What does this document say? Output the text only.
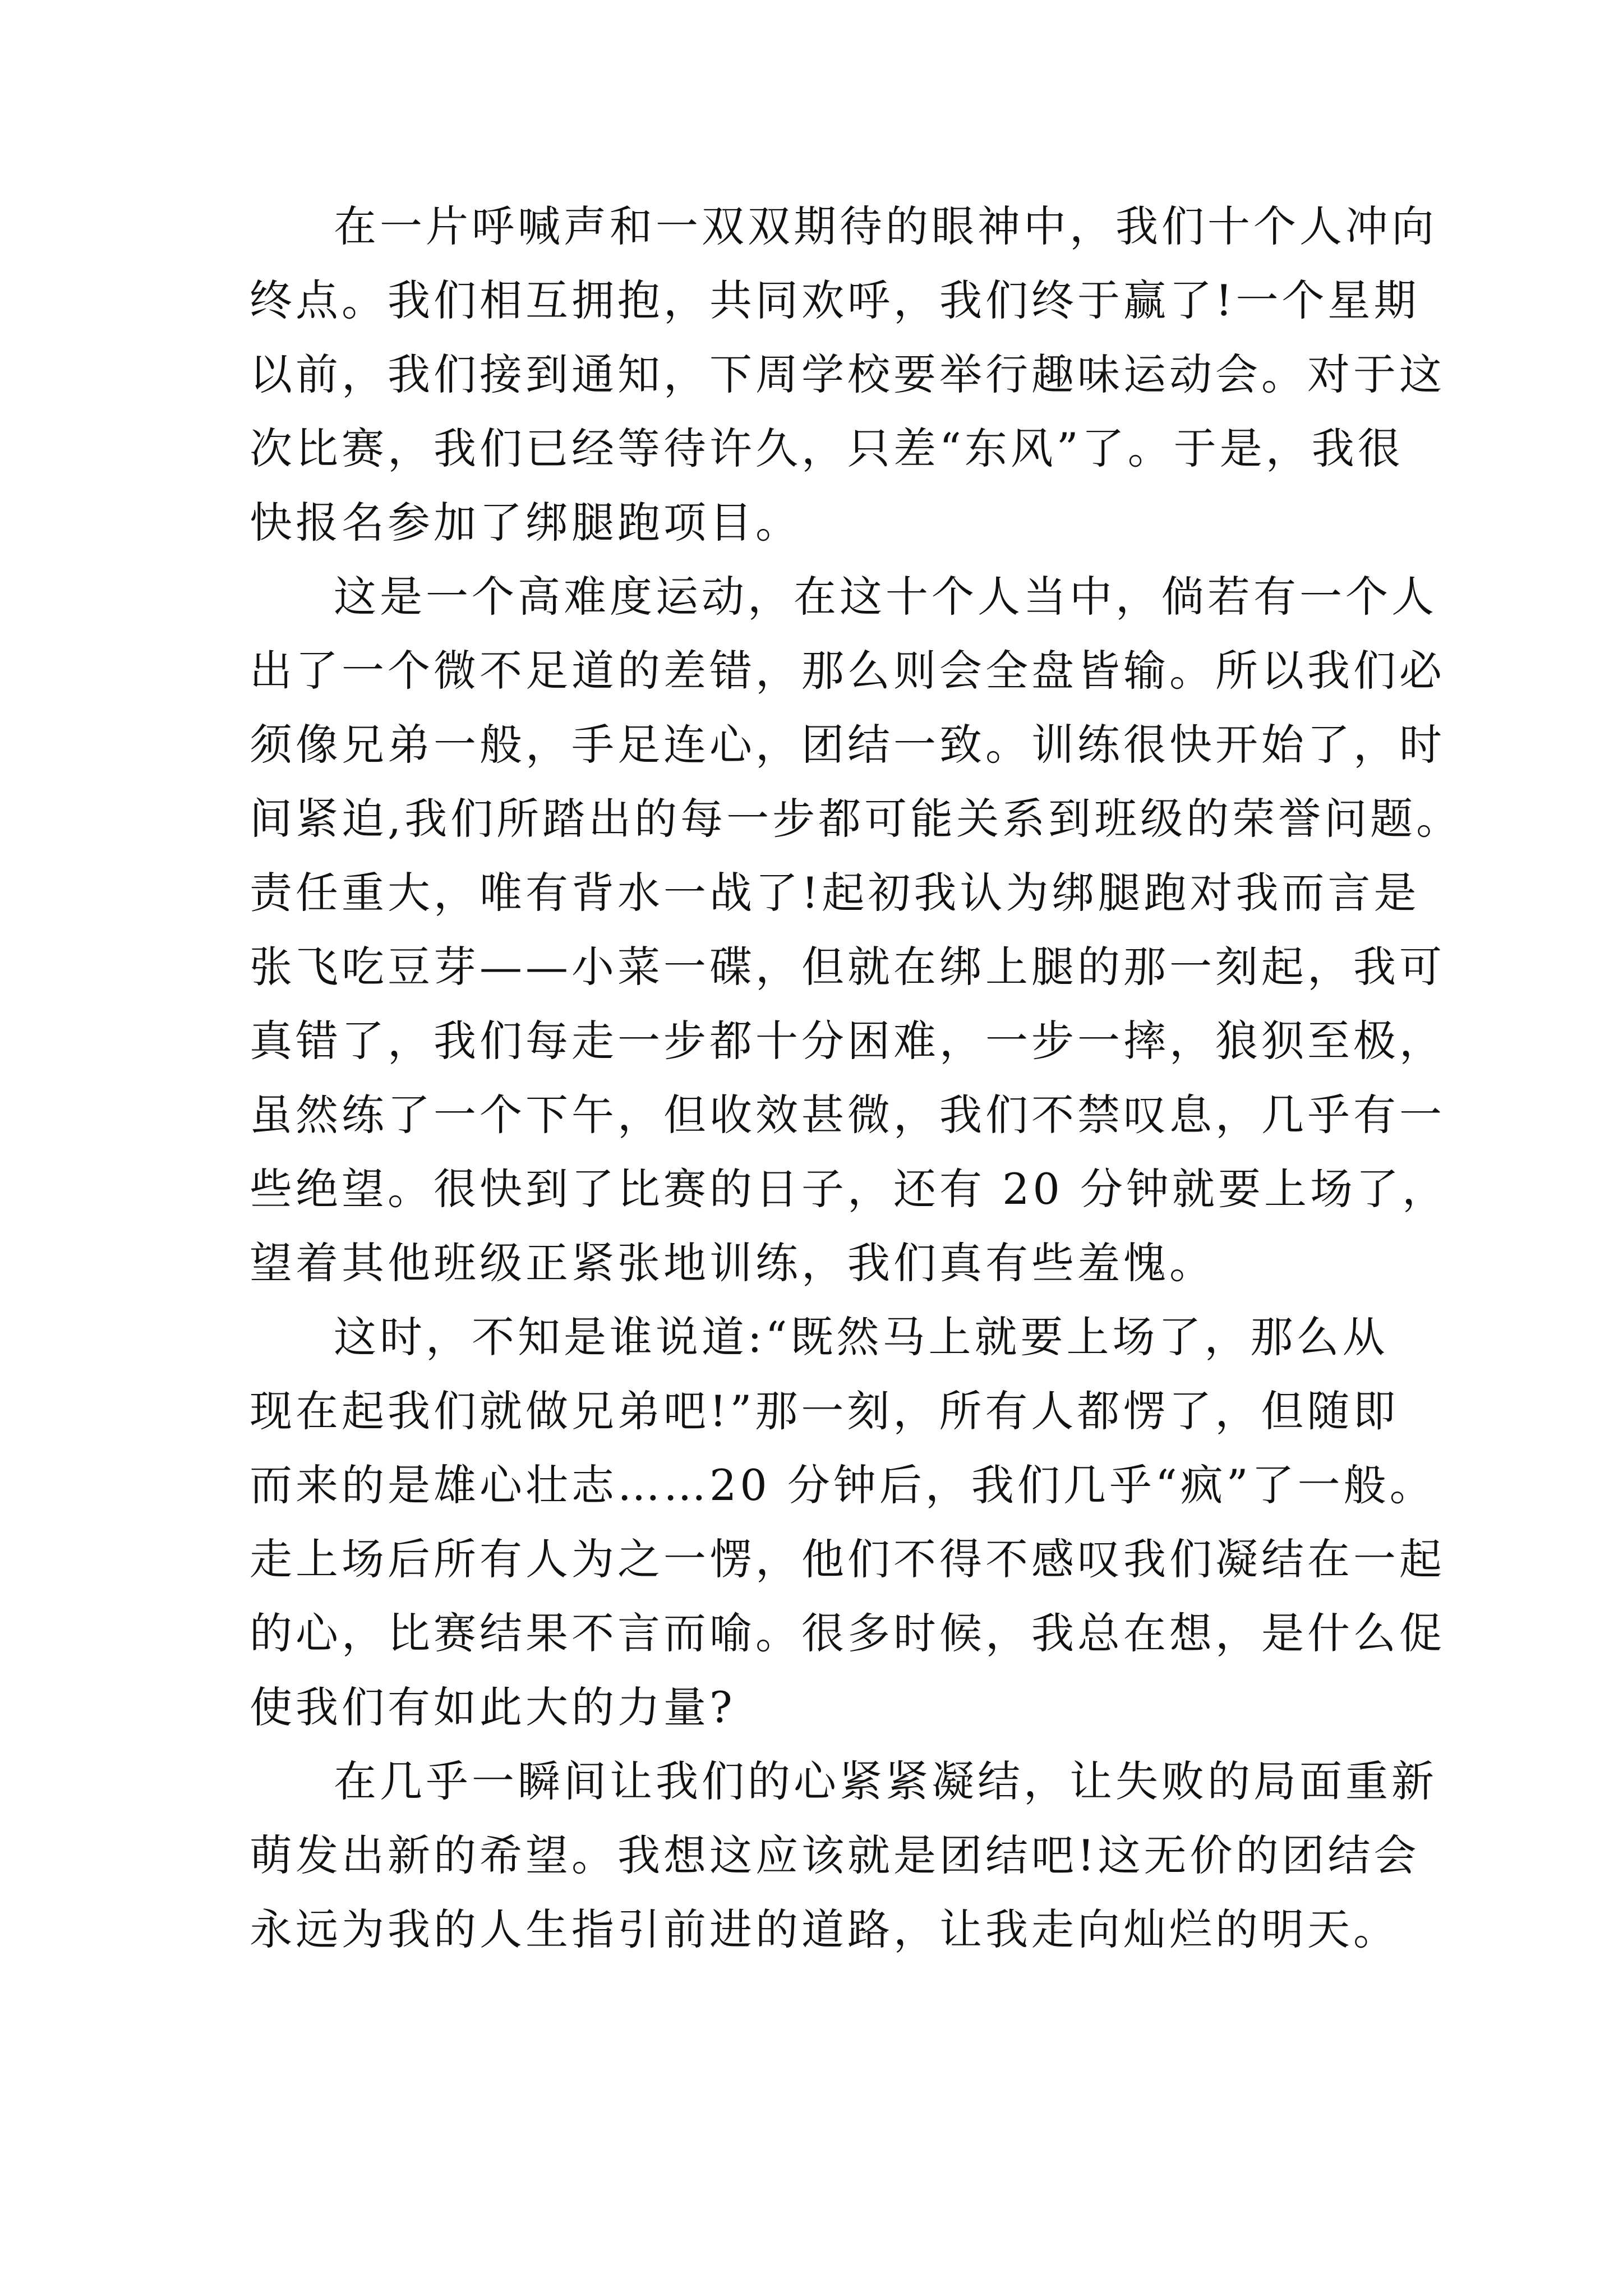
在一片呼喊声和一双双期待的眼神中，我们十个人冲向
终点。我们相互拥抱，共同欢呼，我们终于赢了!一个星期
以前，我们接到通知，下周学校要举行趣味运动会。对于这
次比赛，我们已经等待许久，只差“东风”了。于是，我很
快报名参加了绑腿跑项目。
这是一个高难度运动，在这十个人当中，倘若有一个人
出了一个微不足道的差错，那么则会全盘皆输。所以我们必
须像兄弟一般，手足连心，团结一致。训练很快开始了，时
间紧迫,我们所踏出的每一步都可能关系到班级的荣誉问题。
责任重大，唯有背水一战了!起初我认为绑腿跑对我而言是
张飞吃豆芽——小菜一碟，但就在绑上腿的那一刻起，我可
真错了，我们每走一步都十分困难，一步一摔，狼狈至极，
虽然练了一个下午，但收效甚微，我们不禁叹息，几乎有一
些绝望。很快到了比赛的日子，还有 20 分钟就要上场了，
望着其他班级正紧张地训练，我们真有些羞愧。
这时，不知是谁说道:“既然马上就要上场了，那么从
现在起我们就做兄弟吧!”那一刻，所有人都愣了，但随即
而来的是雄心壮志……20 分钟后，我们几乎“疯”了一般。
走上场后所有人为之一愣，他们不得不感叹我们凝结在一起
的心，比赛结果不言而喻。很多时候，我总在想，是什么促
使我们有如此大的力量?
在几乎一瞬间让我们的心紧紧凝结，让失败的局面重新
萌发出新的希望。我想这应该就是团结吧!这无价的团结会
永远为我的人生指引前进的道路，让我走向灿烂的明天。
